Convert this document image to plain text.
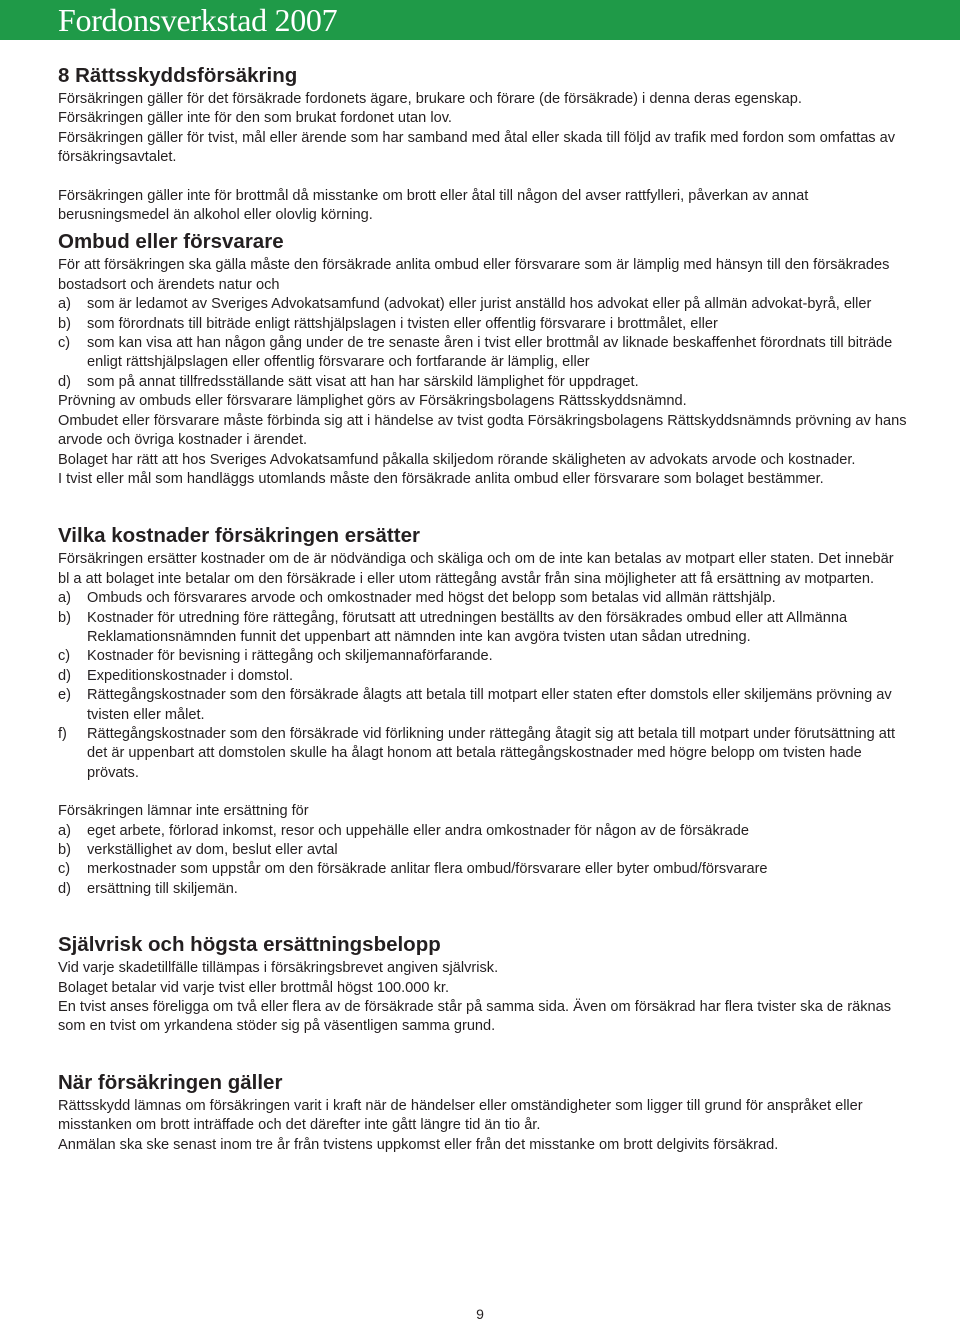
Fordonsverkstad 2007
8 Rättsskyddsförsäkring

Försäkringen gäller för det försäkrade fordonets ägare, brukare och förare (de försäkrade) i denna deras egenskap.

Försäkringen gäller inte för den som brukat fordonet utan lov.

Försäkringen gäller för tvist, mål eller ärende som har samband med åtal eller skada till följd av trafik med fordon som omfattas av försäkringsavtalet.

Försäkringen gäller inte för brottmål då misstanke om brott eller åtal till någon del avser rattfylleri, påverkan av annat berusningsmedel än alkohol eller olovlig körning.

Ombud eller försvarare

För att försäkringen ska gälla måste den försäkrade anlita ombud eller försvarare som är lämplig med hänsyn till den försäkrades bostadsort och ärendets natur och

a)	som är ledamot av Sveriges Advokatsamfund (advokat) eller jurist anställd hos advokat eller på allmän advokat-byrå, eller
b)	som förordnats till biträde enligt rättshjälpslagen i tvisten eller offentlig försvarare i brottmålet, eller
c)	som kan visa att han någon gång under de tre senaste åren i tvist eller brottmål av liknade beskaffenhet förordnats till biträde enligt rättshjälpslagen eller offentlig försvarare och fortfarande är lämplig, eller
d)	som på annat tillfredsställande sätt visat att han har särskild lämplighet för uppdraget.

Prövning av ombuds eller försvarare lämplighet görs av Försäkringsbolagens Rättsskyddsnämnd.

Ombudet eller försvarare måste förbinda sig att i händelse av tvist godta Försäkringsbolagens Rättskyddsnämnds prövning av hans arvode och övriga kostnader i ärendet.

Bolaget har rätt att hos Sveriges Advokatsamfund påkalla skiljedom rörande skäligheten av advokats arvode och kostnader.

I tvist eller mål som handläggs utomlands måste den försäkrade anlita ombud eller försvarare som bolaget bestämmer.

Vilka kostnader försäkringen ersätter

Försäkringen ersätter kostnader om de är nödvändiga och skäliga och om de inte kan betalas av motpart eller staten. Det innebär bl a att bolaget inte betalar om den försäkrade i eller utom rättegång avstår från sina möjligheter att få ersättning av motparten.

a)	Ombuds och försvarares arvode och omkostnader med högst det belopp som betalas vid allmän rättshjälp.
b)	Kostnader för utredning före rättegång, förutsatt att utredningen beställts av den försäkrades ombud eller att Allmänna Reklamationsnämnden funnit det uppenbart att nämnden inte kan avgöra tvisten utan sådan utredning.
c)	Kostnader för bevisning i rättegång och skiljemannaförfarande.
d)	Expeditionskostnader i domstol.
e)	Rättegångskostnader som den försäkrade ålagts att betala till motpart eller staten efter domstols eller skiljemäns prövning av tvisten eller målet.
f)	Rättegångskostnader som den försäkrade vid förlikning under rättegång åtagit sig att betala till motpart under förutsättning att det är uppenbart att domstolen skulle ha ålagt honom att betala rättegångskostnader med högre belopp om tvisten hade prövats.

Försäkringen lämnar inte ersättning för

a)	eget arbete, förlorad inkomst, resor och uppehälle eller andra omkostnader för någon av de försäkrade
b)	verkställighet av dom, beslut eller avtal
c)	merkostnader som uppstår om den försäkrade anlitar flera ombud/försvarare eller byter ombud/försvarare
d)	ersättning till skiljemän.
Självrisk och högsta ersättningsbelopp

Vid varje skadetillfälle tillämpas i försäkringsbrevet angiven självrisk.

Bolaget betalar vid varje tvist eller brottmål högst 100.000 kr.

En tvist anses föreligga om två eller flera av de försäkrade står på samma sida. Även om försäkrad har flera tvister ska de räknas som en tvist om yrkandena stöder sig på väsentligen samma grund.

När försäkringen gäller

Rättsskydd lämnas om försäkringen varit i kraft när de händelser eller omständigheter som ligger till grund för anspråket eller misstanken om brott inträffade och det därefter inte gått längre tid än tio år.

Anmälan ska ske senast inom tre år från tvistens uppkomst eller från det misstanke om brott delgivits försäkrad.

9
